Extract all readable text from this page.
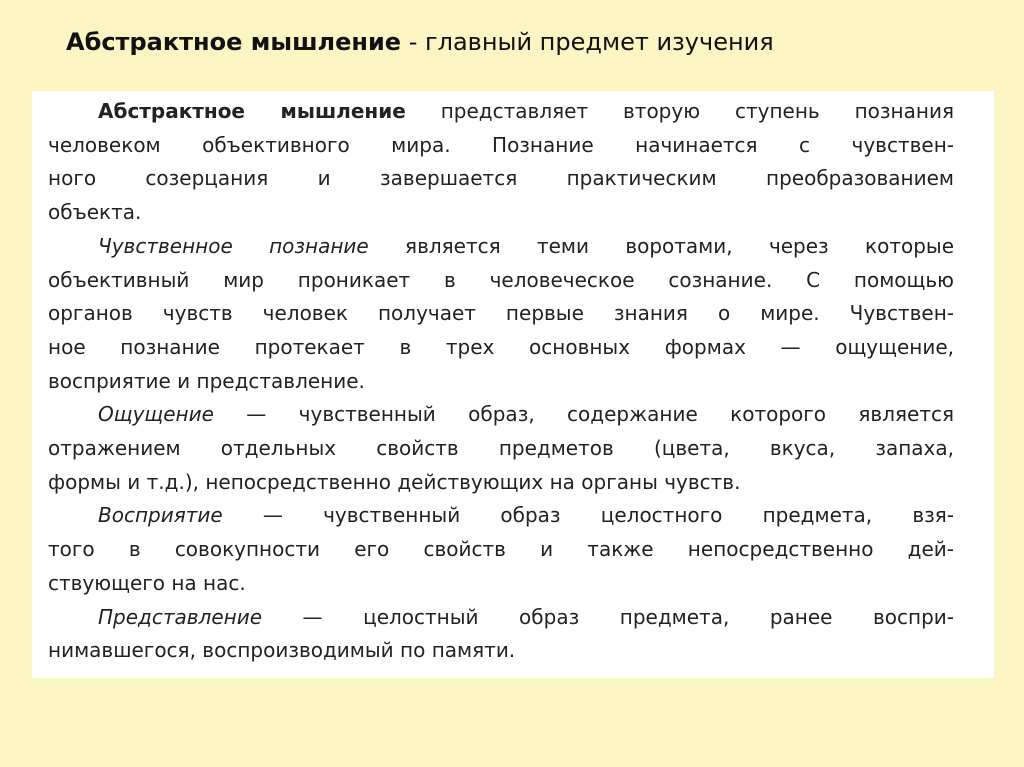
Абстрактное мышление - главный предмет изучения

Абстрактное мышление представляет вторую ступень познания
человеком объективного мира. Познание начинается с чувствен-
ного созерцания и завершается практическим преобразованием
объекта.

Чувственное познание является теми воротами, через которые
объективный мир проникает в человеческое сознание. С помощью
органов чувств человек получает первые знания о мире. Чувствен-
ное познание протекает в трех основных формах — ощущение,
восприятие и представление.

Ощущение — чувственный образ, содержание которого является
отражением отдельных свойств предметов (цвета, вкуса, запаха,
формы и т.д.), непосредственно действующих на органы чувств.

Восприятие — чувственный образ целостного предмета, взя-
того в совокупности его свойств и также непосредственно дей-
ствующего на нас.

Представление — целостный образ предмета, ранее воспри-
нимавшегося, воспроизводимый по памяти.
